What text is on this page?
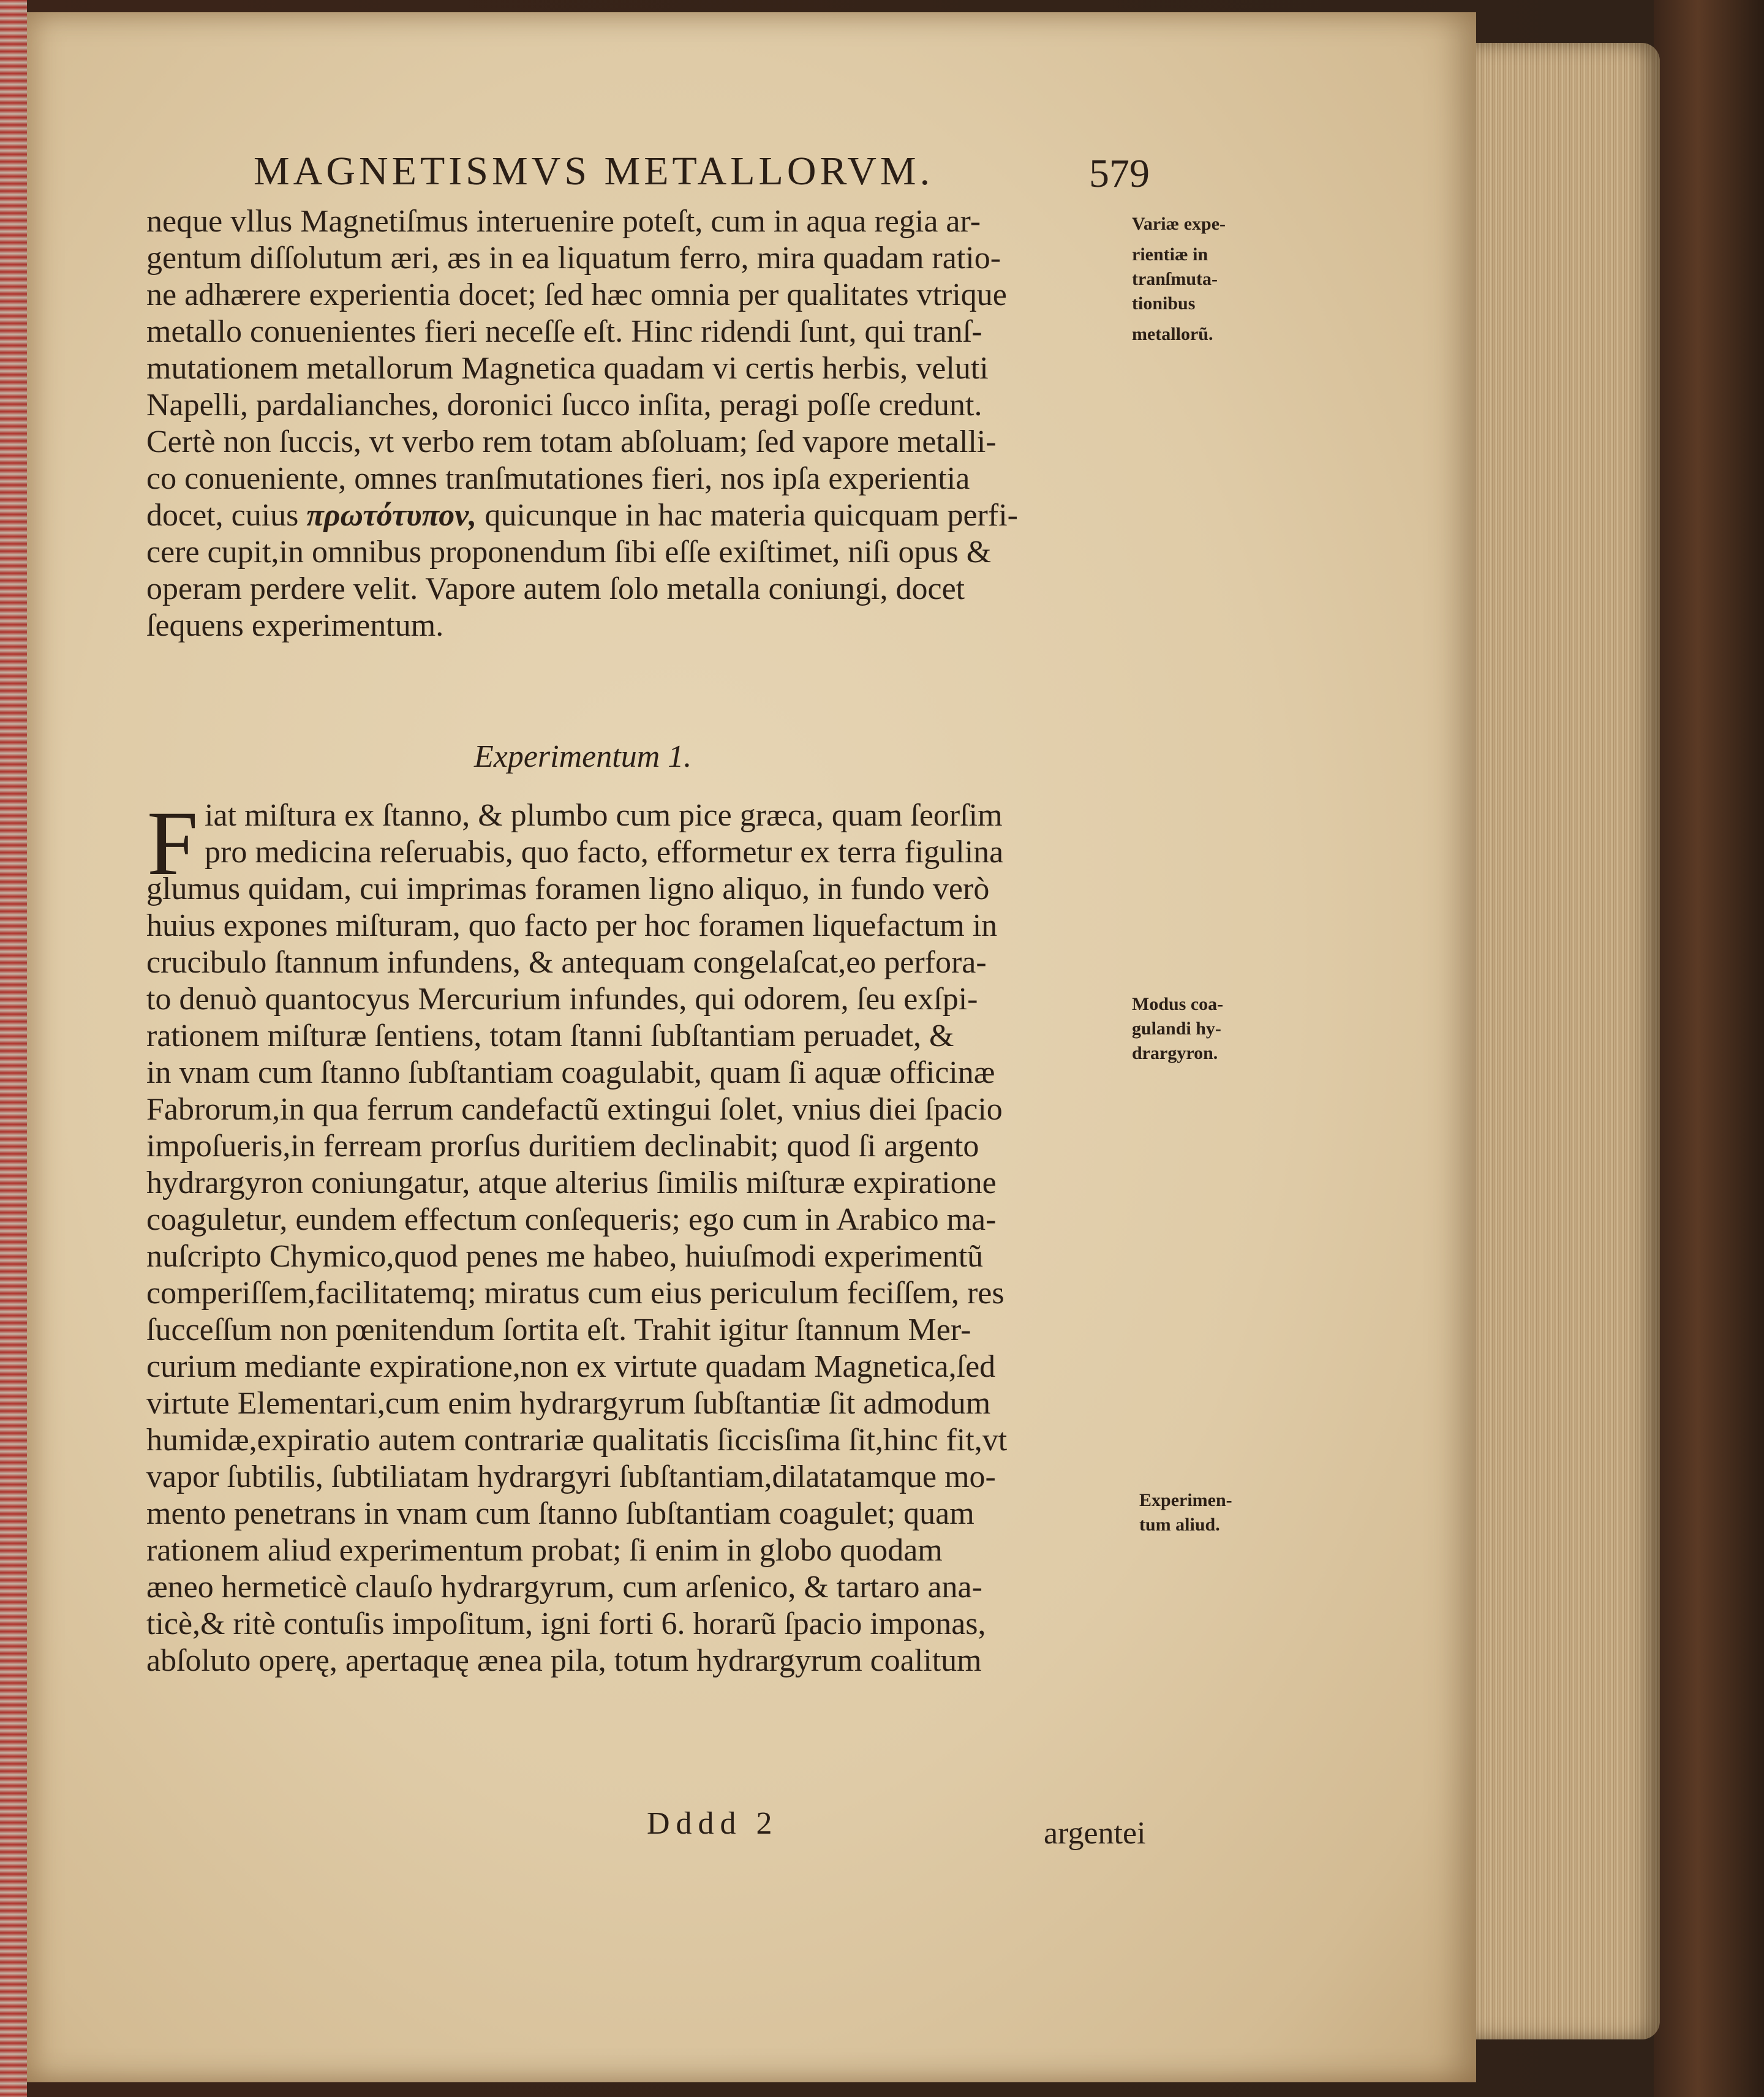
MAGNETISMVS METALLORVM.	579
neque vllus Magnetiſmus interuenire poteſt, cum in aqua regia ar-
gentum diſſolutum æri, æs in ea liquatum ferro, mira quadam ratio-
ne adhærere experientia docet; ſed hæc omnia per qualitates vtrique
metallo conuenientes fieri neceſſe eſt. Hinc ridendi ſunt, qui tranſ-
mutationem metallorum Magnetica quadam vi certis herbis, veluti
Napelli, pardalianches, doronici ſucco inſita, peragi poſſe credunt.
Certè non ſuccis, vt verbo rem totam abſoluam; ſed vapore metalli-
co conueniente, omnes tranſmutationes fieri, nos ipſa experientia
docet, cuius πρωτότυπον, quicunque in hac materia quicquam perfi-
cere cupit,in omnibus proponendum ſibi eſſe exiſtimet, niſi opus &
operam perdere velit. Vapore autem ſolo metalla coniungi, docet
ſequens experimentum.
Variæ expe-
rientiæ in
tranſmuta-
tionibus
metallorũ.
Experimentum 1.
F iat miſtura ex ſtanno, & plumbo cum pice græca, quam ſeorſim
pro medicina reſeruabis, quo facto, efformetur ex terra figulina
glumus quidam, cui imprimas foramen ligno aliquo, in fundo verò
huius expones miſturam, quo facto per hoc foramen liquefactum in
crucibulo ſtannum infundens, & antequam congelaſcat,eo perfora-
to denuò quantocyus Mercurium infundes, qui odorem, ſeu exſpi-
rationem miſturæ ſentiens, totam ſtanni ſubſtantiam peruadet, &
in vnam cum ſtanno ſubſtantiam coagulabit, quam ſi aquæ officinæ
Fabrorum,in qua ferrum candefactũ extingui ſolet, vnius diei ſpacio
impoſueris,in ferream prorſus duritiem declinabit; quod ſi argento
hydrargyron coniungatur, atque alterius ſimilis miſturæ expiratione
coaguletur, eundem effectum conſequeris; ego cum in Arabico ma-
nuſcripto Chymico,quod penes me habeo, huiuſmodi experimentũ
comperiſſem,facilitatemq; miratus cum eius periculum feciſſem, res
ſucceſſum non pœnitendum ſortita eſt. Trahit igitur ſtannum Mer-
curium mediante expiratione,non ex virtute quadam Magnetica,ſed
virtute Elementari,cum enim hydrargyrum ſubſtantiæ ſit admodum
humidæ,expiratio autem contrariæ qualitatis ſiccisſima ſit,hinc fit,vt
vapor ſubtilis, ſubtiliatam hydrargyri ſubſtantiam,dilatatamque mo-
mento penetrans in vnam cum ſtanno ſubſtantiam coagulet; quam
rationem aliud experimentum probat; ſi enim in globo quodam
æneo hermeticè clauſo hydrargyrum, cum arſenico, & tartaro ana-
ticè,& ritè contuſis impoſitum, igni forti 6. horarũ ſpacio imponas,
abſoluto operę, apertaquę ænea pila, totum hydrargyrum coalitum
Modus coa-
gulandi hy-
drargyron.
Experimen-
tum aliud.
Dddd 2	argentei
